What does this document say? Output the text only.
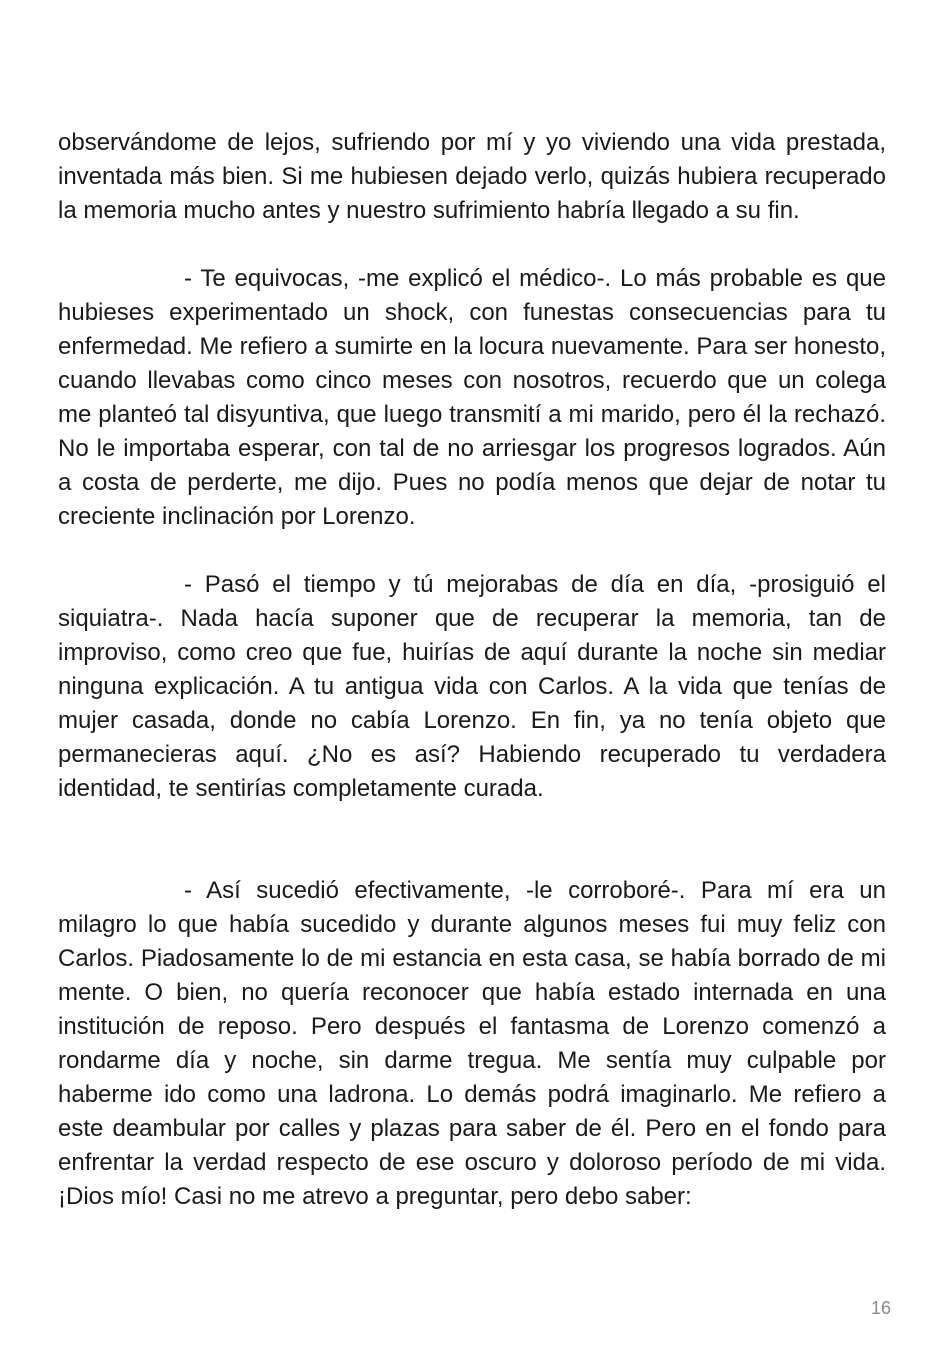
observándome de lejos, sufriendo por mí y yo viviendo una vida prestada, inventada más bien. Si me hubiesen dejado verlo, quizás hubiera recuperado la memoria mucho antes y nuestro sufrimiento habría llegado a su fin.

- Te equivocas, -me explicó el médico-. Lo más probable es que hubieses experimentado un shock, con funestas consecuencias para tu enfermedad. Me refiero a sumirte en la locura nuevamente. Para ser honesto, cuando llevabas como cinco meses con nosotros, recuerdo que un colega me planteó tal disyuntiva, que luego transmití a mi marido, pero él la rechazó. No le importaba esperar, con tal de no arriesgar los progresos logrados. Aún a costa de perderte, me dijo. Pues no podía menos que dejar de notar tu creciente inclinación por Lorenzo.

- Pasó el tiempo y tú mejorabas de día en día, -prosiguió el siquiatra-. Nada hacía suponer que de recuperar la memoria, tan de improviso, como creo que fue, huirías de aquí durante la noche sin mediar ninguna explicación. A tu antigua vida con Carlos. A la vida que tenías de mujer casada, donde no cabía Lorenzo. En fin, ya no tenía objeto que permanecieras aquí. ¿No es así? Habiendo recuperado tu verdadera identidad, te sentirías completamente curada.

- Así sucedió efectivamente, -le corroboré-. Para mí era un milagro lo que había sucedido y durante algunos meses fui muy feliz con Carlos. Piadosamente lo de mi estancia en esta casa, se había borrado de mi mente. O bien, no quería reconocer que había estado internada en una institución de reposo. Pero después el fantasma de Lorenzo comenzó a rondarme día y noche, sin darme tregua. Me sentía muy culpable por haberme ido como una ladrona. Lo demás podrá imaginarlo. Me refiero a este deambular por calles y plazas para saber de él. Pero en el fondo para enfrentar la verdad respecto de ese oscuro y doloroso período de mi vida. ¡Dios mío! Casi no me atrevo a preguntar, pero debo saber:

16
